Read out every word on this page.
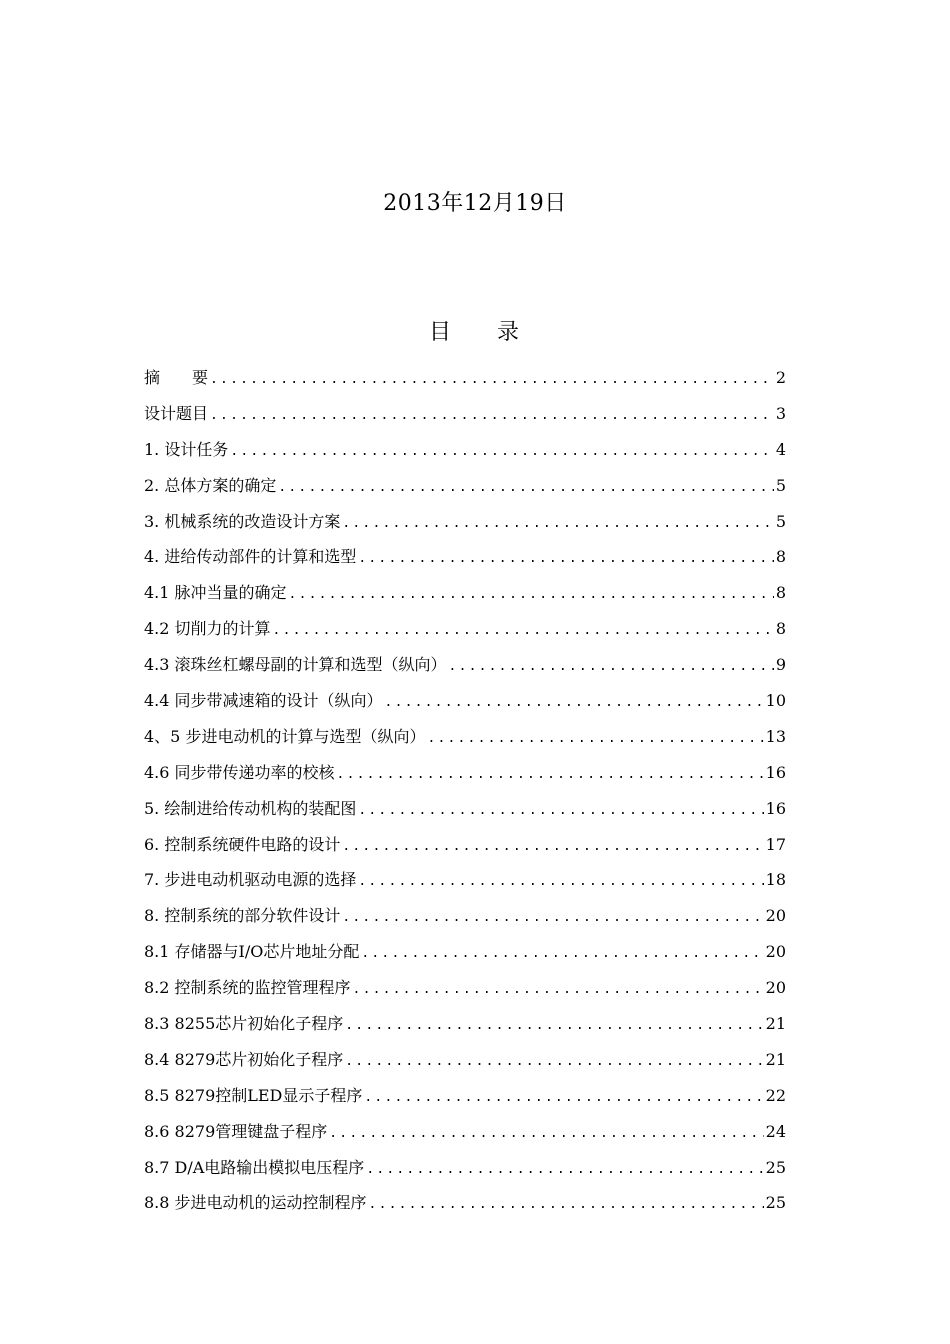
2013年12月19日
目 录
摘　　要 .....	2
设计题目 .....	3
1. 设计任务 .....	4
2. 总体方案的确定 .....	5
3. 机械系统的改造设计方案 .....	5
4. 进给传动部件的计算和选型 .....	8
4.1 脉冲当量的确定 .....	8
4.2 切削力的计算 .....	8
4.3 滚珠丝杠螺母副的计算和选型（纵向） .....	9
4.4 同步带减速箱的设计（纵向） .....	10
4、5 步进电动机的计算与选型（纵向） .....	13
4.6 同步带传递功率的校核 .....	16
5. 绘制进给传动机构的装配图 .....	16
6. 控制系统硬件电路的设计 .....	17
7. 步进电动机驱动电源的选择 .....	18
8. 控制系统的部分软件设计 .....	20
8.1 存储器与I/O芯片地址分配 .....	20
8.2 控制系统的监控管理程序 .....	20
8.3 8255芯片初始化子程序 .....	21
8.4 8279芯片初始化子程序 .....	21
8.5 8279控制LED显示子程序 .....	22
8.6 8279管理键盘子程序 .....	24
8.7 D/A电路输出模拟电压程序 .....	25
8.8 步进电动机的运动控制程序 .....	25
